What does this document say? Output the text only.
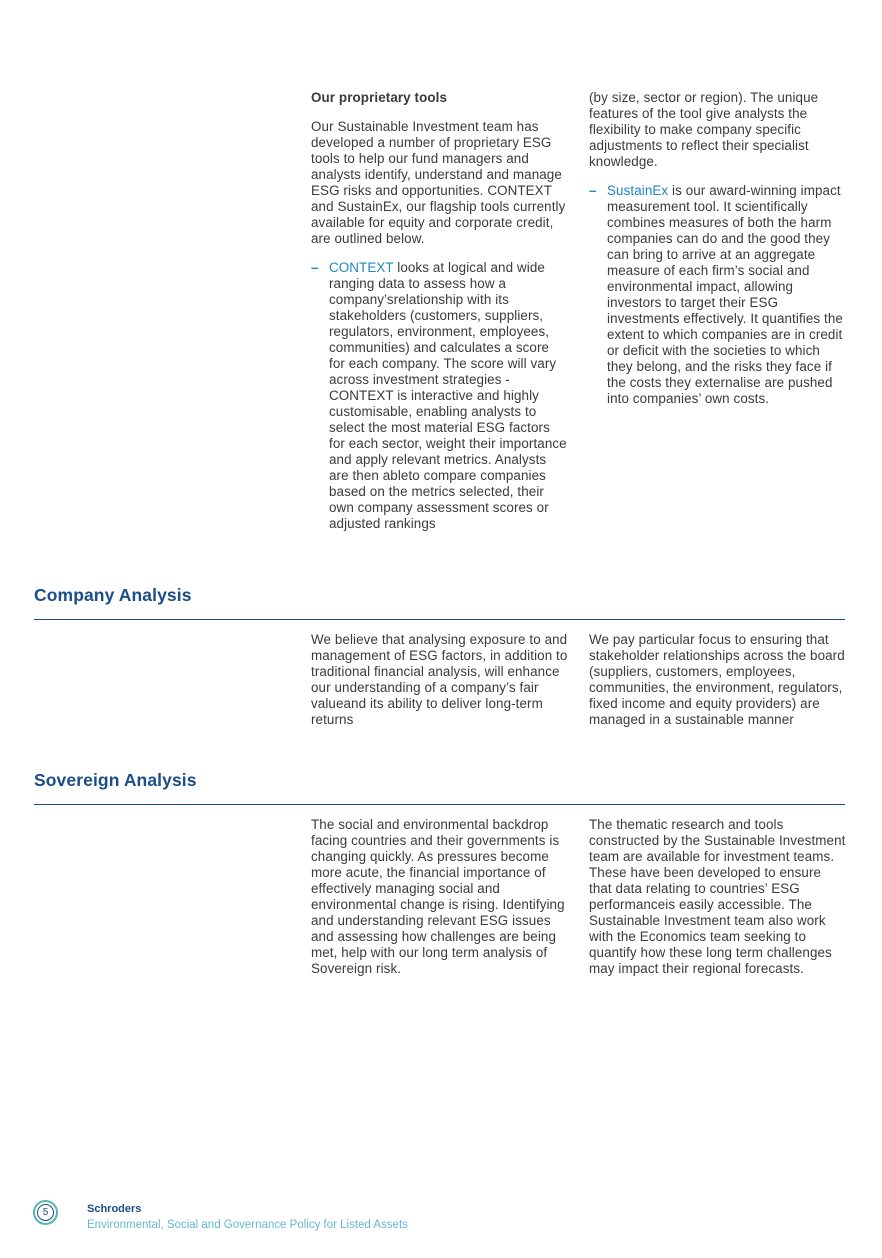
Our proprietary tools
Our Sustainable Investment team has developed a number of proprietary ESG tools to help our fund managers and analysts identify, understand and manage ESG risks and opportunities. CONTEXT and SustainEx, our flagship tools currently available for equity and corporate credit, are outlined below.
– CONTEXT looks at logical and wide ranging data to assess how a company’srelationship with its stakeholders (customers, suppliers, regulators, environment, employees, communities) and calculates a score for each company. The score will vary across investment strategies - CONTEXT is interactive and highly customisable, enabling analysts to select the most material ESG factors for each sector, weight their importance and apply relevant metrics. Analysts are then ableto compare companies based on the metrics selected, their own company assessment scores or adjusted rankings
(by size, sector or region). The unique features of the tool give analysts the flexibility to make company specific adjustments to reflect their specialist knowledge.
– SustainEx is our award-winning impact measurement tool. It scientifically combines measures of both the harm companies can do and the good they can bring to arrive at an aggregate measure of each firm’s social and environmental impact, allowing investors to target their ESG investments effectively. It quantifies the extent to which companies are in credit or deficit with the societies to which they belong, and the risks they face if the costs they externalise are pushed into companies’ own costs.
Company Analysis
We believe that analysing exposure to and management of ESG factors, in addition to traditional financial analysis, will enhance our understanding of a company’s fair valueand its ability to deliver long-term returns
We pay particular focus to ensuring that stakeholder relationships across the board (suppliers, customers, employees, communities, the environment, regulators, fixed income and equity providers) are managed in a sustainable manner
Sovereign Analysis
The social and environmental backdrop facing countries and their governments is changing quickly. As pressures become more acute, the financial importance of effectively managing social and environmental change is rising. Identifying and understanding relevant ESG issues and assessing how challenges are being met, help with our long term analysis of Sovereign risk.
The thematic research and tools constructed by the Sustainable Investment team are available for investment teams. These have been developed to ensure that data relating to countries’ ESG performanceis easily accessible. The Sustainable Investment team also work with the Economics team seeking to quantify how these long term challenges may impact their regional forecasts.
5	Schroders
Environmental, Social and Governance Policy for Listed Assets
